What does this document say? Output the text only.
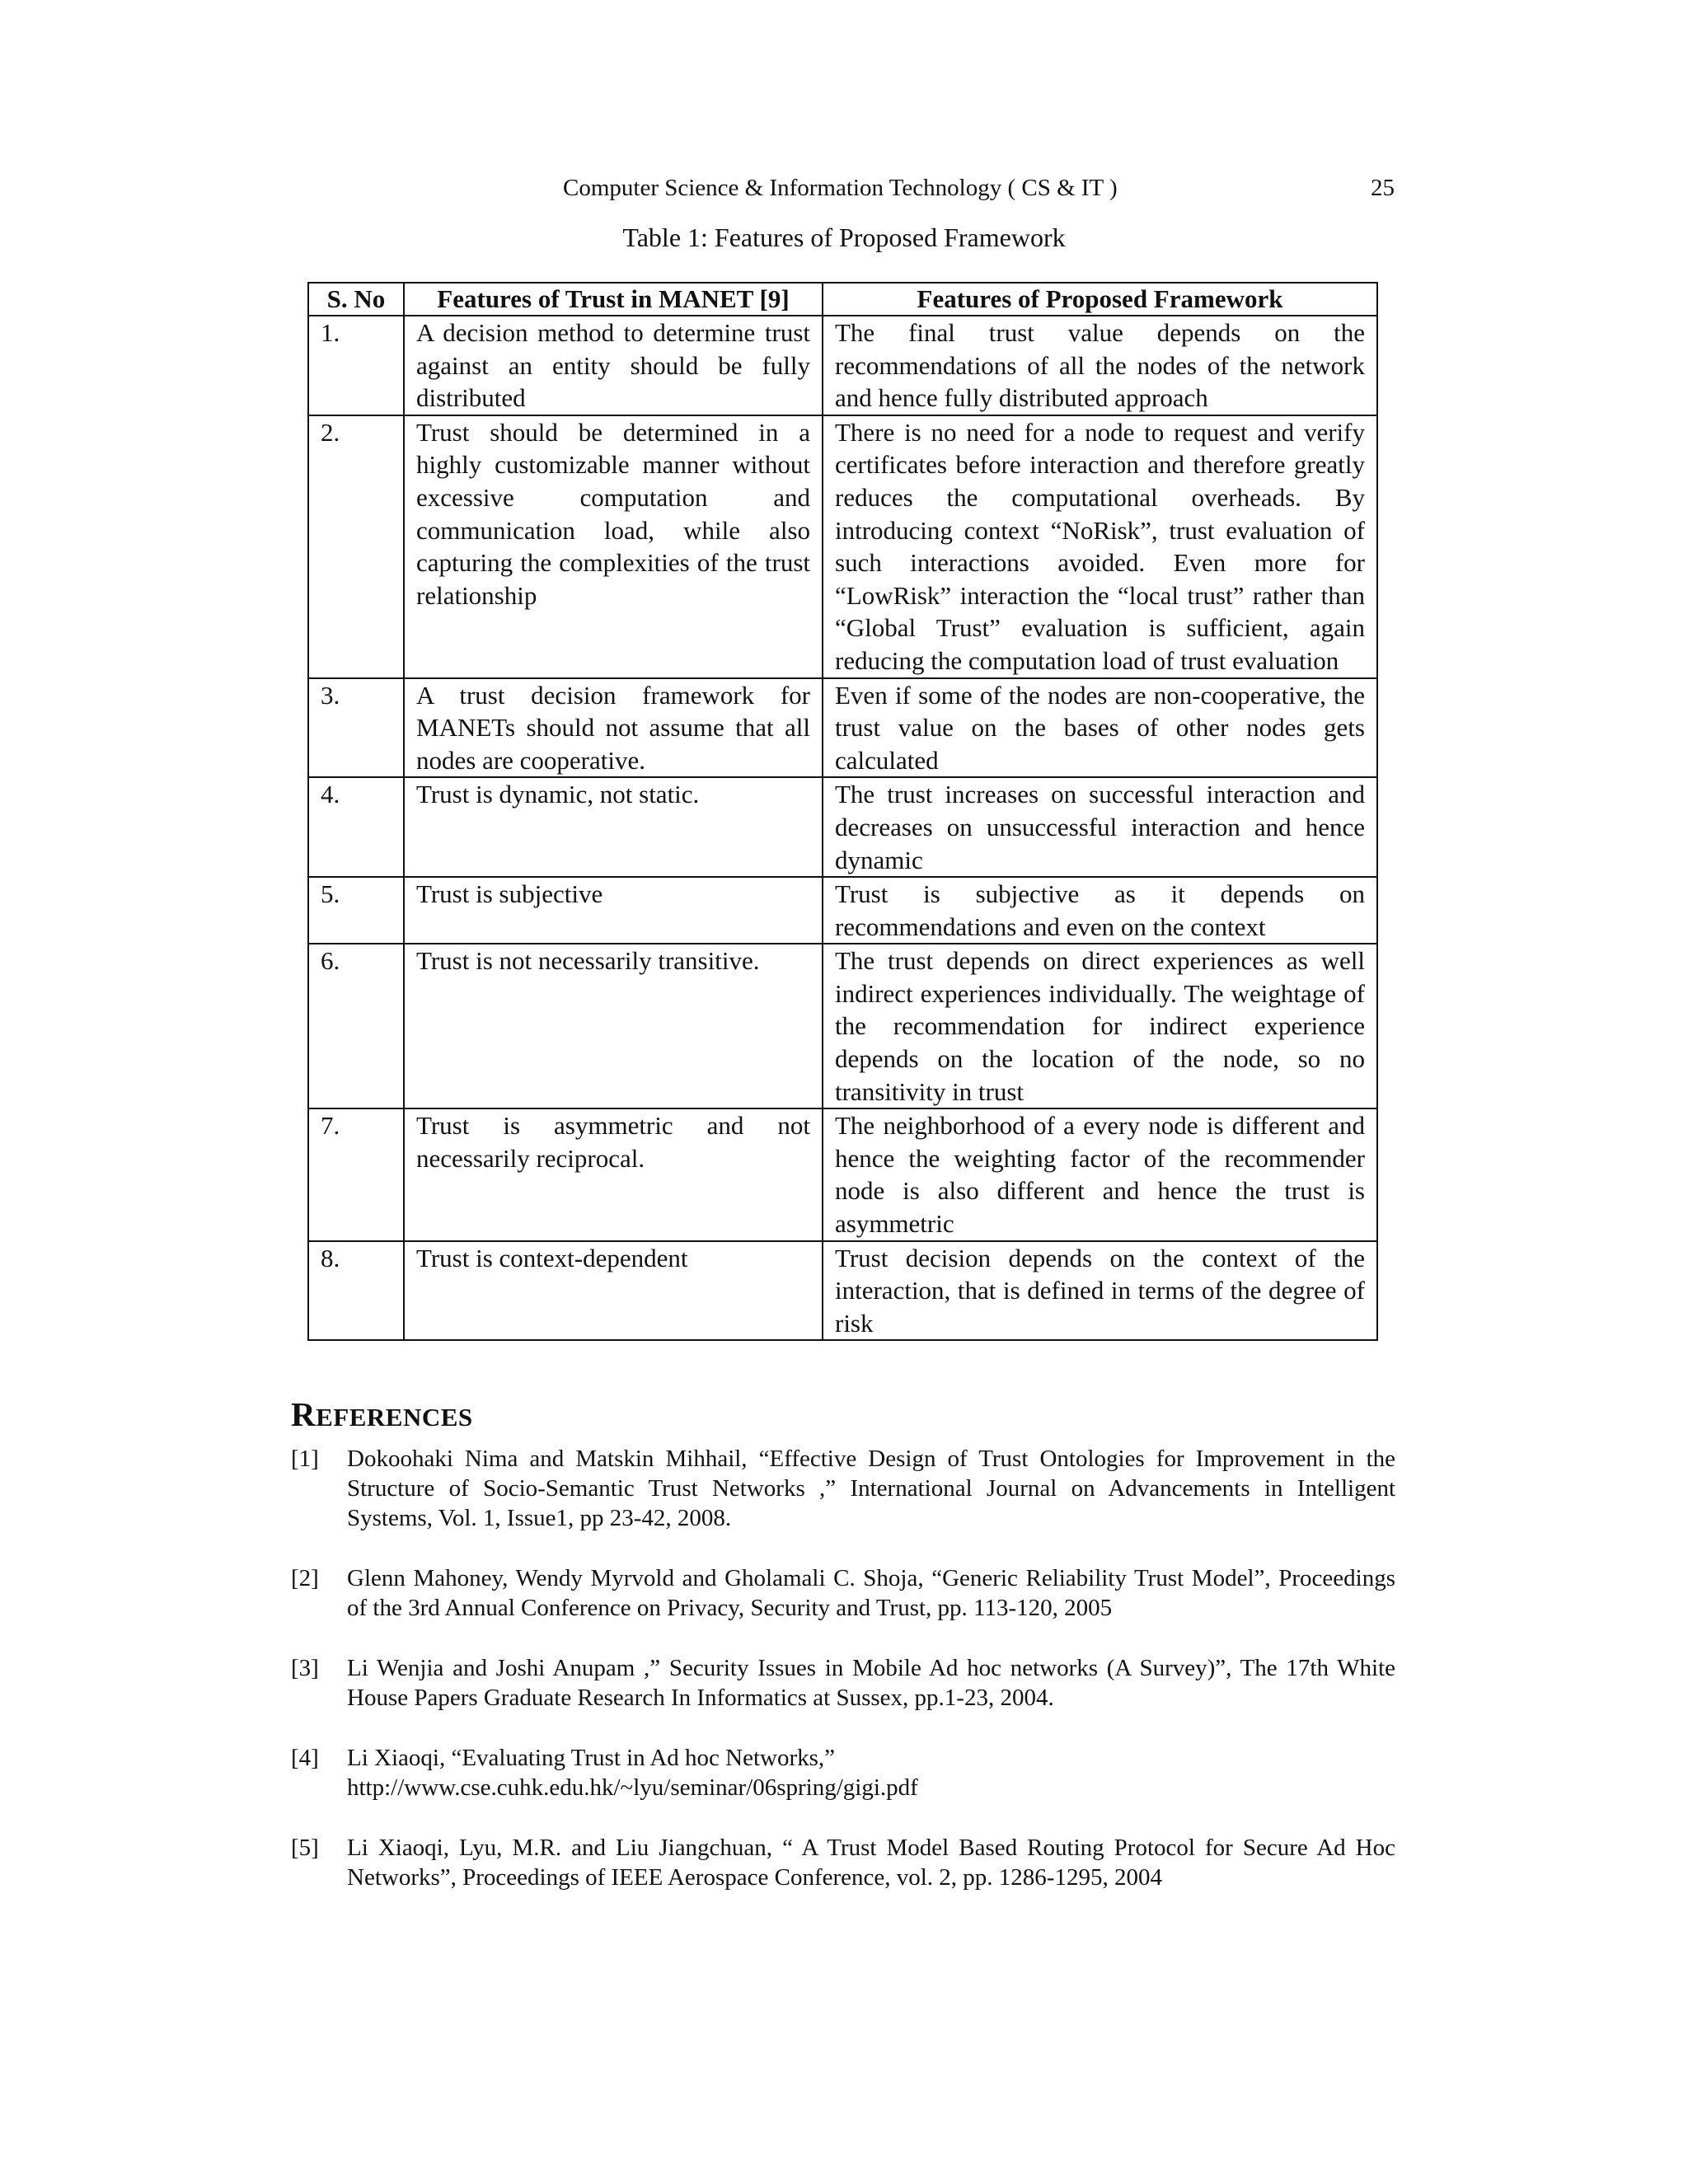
Computer Science & Information Technology ( CS & IT )	25
Table 1: Features of Proposed Framework
S. No	Features of Trust in MANET [9]	Features of Proposed Framework
1.	A decision method to determine trust against an entity should be fully distributed	The final trust value depends on the recommendations of all the nodes of the network and hence fully distributed approach
2.	Trust should be determined in a highly customizable manner without excessive computation and communication load, while also capturing the complexities of the trust relationship	There is no need for a node to request and verify certificates before interaction and therefore greatly reduces the computational overheads. By introducing context “NoRisk”, trust evaluation of such interactions avoided. Even more for “LowRisk” interaction the “local trust” rather than “Global Trust” evaluation is sufficient, again reducing the computation load of trust evaluation
3.	A trust decision framework for MANETs should not assume that all nodes are cooperative.	Even if some of the nodes are non-cooperative, the trust value on the bases of other nodes gets calculated
4.	Trust is dynamic, not static.	The trust increases on successful interaction and decreases on unsuccessful interaction and hence dynamic
5.	Trust is subjective	Trust is subjective as it depends on recommendations and even on the context
6.	Trust is not necessarily transitive.	The trust depends on direct experiences as well indirect experiences individually. The weightage of the recommendation for indirect experience depends on the location of the node, so no transitivity in trust
7.	Trust is asymmetric and not necessarily reciprocal.	The neighborhood of a every node is different and hence the weighting factor of the recommender node is also different and hence the trust is asymmetric
8.	Trust is context-dependent	Trust decision depends on the context of the interaction, that is defined in terms of the degree of risk
REFERENCES
[1] Dokoohaki Nima and Matskin Mihhail, “Effective Design of Trust Ontologies for Improvement in the Structure of Socio-Semantic Trust Networks ,” International Journal on Advancements in Intelligent Systems, Vol. 1, Issue1, pp 23-42, 2008.
[2] Glenn Mahoney, Wendy Myrvold and Gholamali C. Shoja, “Generic Reliability Trust Model”, Proceedings of the 3rd Annual Conference on Privacy, Security and Trust, pp. 113-120, 2005
[3] Li Wenjia and Joshi Anupam ,” Security Issues in Mobile Ad hoc networks (A Survey)”, The 17th White House Papers Graduate Research In Informatics at Sussex, pp.1-23, 2004.
[4] Li Xiaoqi, “Evaluating Trust in Ad hoc Networks,”
http://www.cse.cuhk.edu.hk/~lyu/seminar/06spring/gigi.pdf
[5] Li Xiaoqi, Lyu, M.R. and Liu Jiangchuan, “ A Trust Model Based Routing Protocol for Secure Ad Hoc Networks”, Proceedings of IEEE Aerospace Conference, vol. 2, pp. 1286-1295, 2004
